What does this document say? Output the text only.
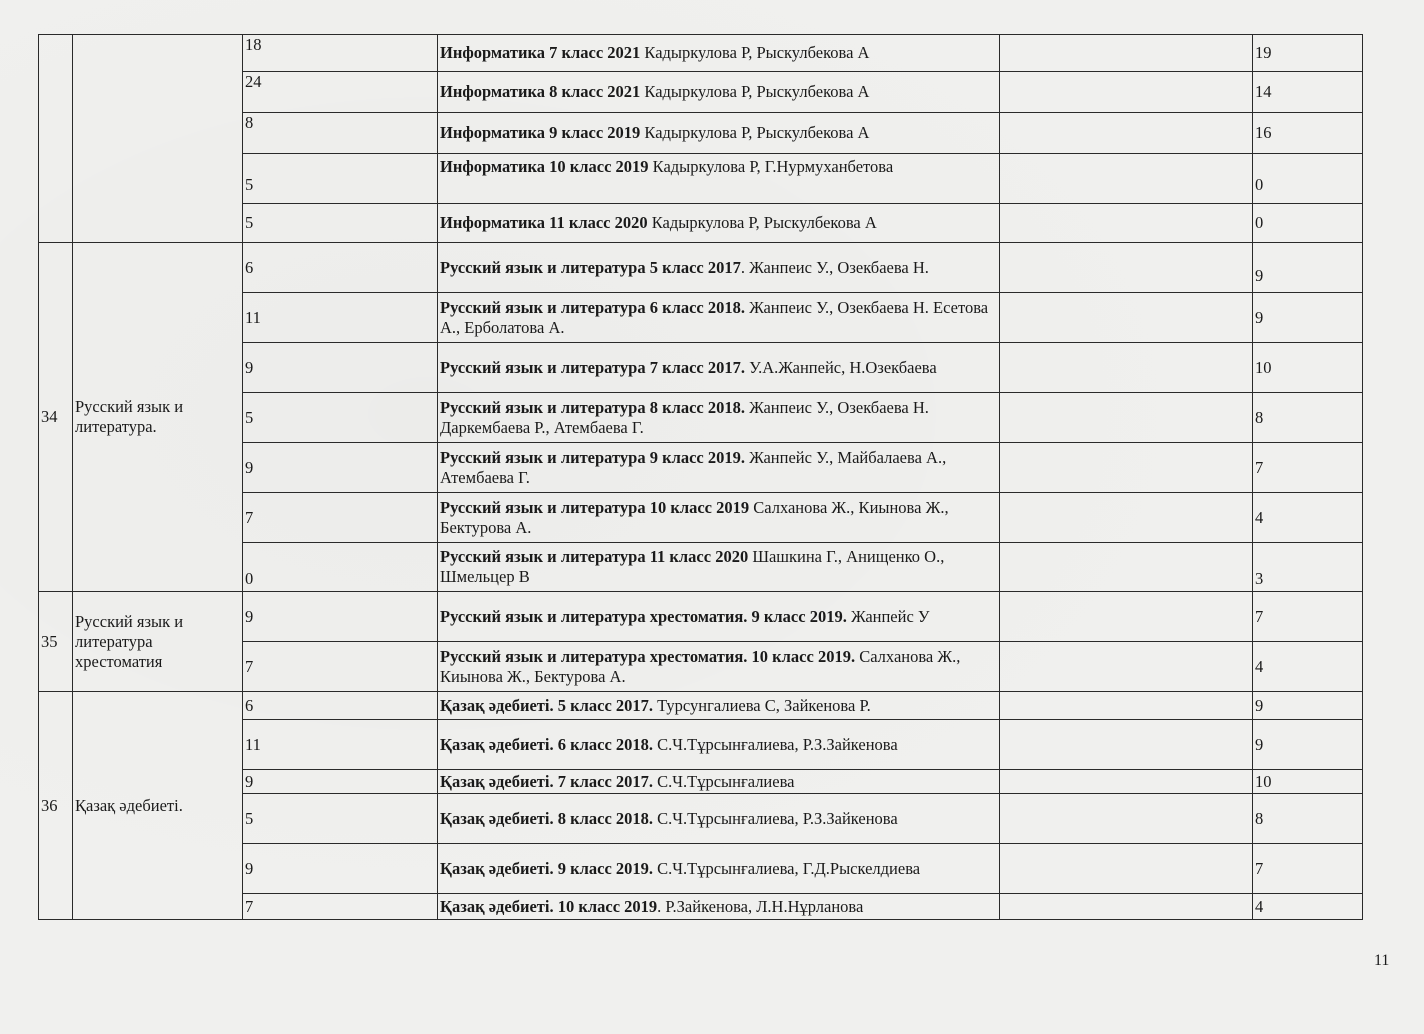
		18	Информатика 7 класс 2021 Кадыркулова Р, Рыскулбекова А		19
		24	Информатика 8 класс 2021 Кадыркулова Р, Рыскулбекова А		14
		8	Информатика 9 класс 2019 Кадыркулова Р, Рыскулбекова А		16
		5	Информатика 10 класс 2019 Кадыркулова Р, Г.Нурмуханбетова		0
		5	Информатика 11 класс 2020 Кадыркулова Р, Рыскулбекова А		0
34	Русский язык и литература.	6	Русский язык и литература 5 класс 2017. Жанпеис У., Озекбаева Н.		9
		11	Русский язык и литература 6 класс 2018. Жанпеис У., Озекбаева Н. Есетова А., Ерболатова А.		9
		9	Русский язык и литература 7 класс 2017. У.А.Жанпейс, Н.Озекбаева		10
		5	Русский язык и литература 8 класс 2018. Жанпеис У., Озекбаева Н. Даркембаева Р., Атембаева Г.		8
		9	Русский язык и литература 9 класс 2019. Жанпейс У., Майбалаева А., Атембаева Г.		7
		7	Русский язык и литература 10 класс 2019 Салханова Ж., Киынова Ж., Бектурова А.		4
		0	Русский язык и литература 11 класс 2020 Шашкина Г., Анищенко О., Шмельцер В		3
35	Русский язык и литература хрестоматия	9	Русский язык и литература хрестоматия. 9 класс 2019. Жанпейс У		7
		7	Русский язык и литература хрестоматия. 10 класс 2019. Салханова Ж., Киынова Ж., Бектурова А.		4
36	Қазақ әдебиеті.	6	Қазақ әдебиеті. 5 класс 2017. Турсунгалиева С, Зайкенова Р.		9
		11	Қазақ әдебиеті. 6 класс 2018. С.Ч.Тұрсынғалиева, Р.З.Зайкенова		9
		9	Қазақ әдебиеті. 7 класс 2017. С.Ч.Тұрсынғалиева		10
		5	Қазақ әдебиеті. 8 класс 2018. С.Ч.Тұрсынғалиева, Р.З.Зайкенова		8
		9	Қазақ әдебиеті. 9 класс 2019. С.Ч.Тұрсынғалиева, Г.Д.Рыскелдиева		7
		7	Қазақ әдебиеті. 10 класс 2019. Р.Зайкенова, Л.Н.Нұрланова		4
11
